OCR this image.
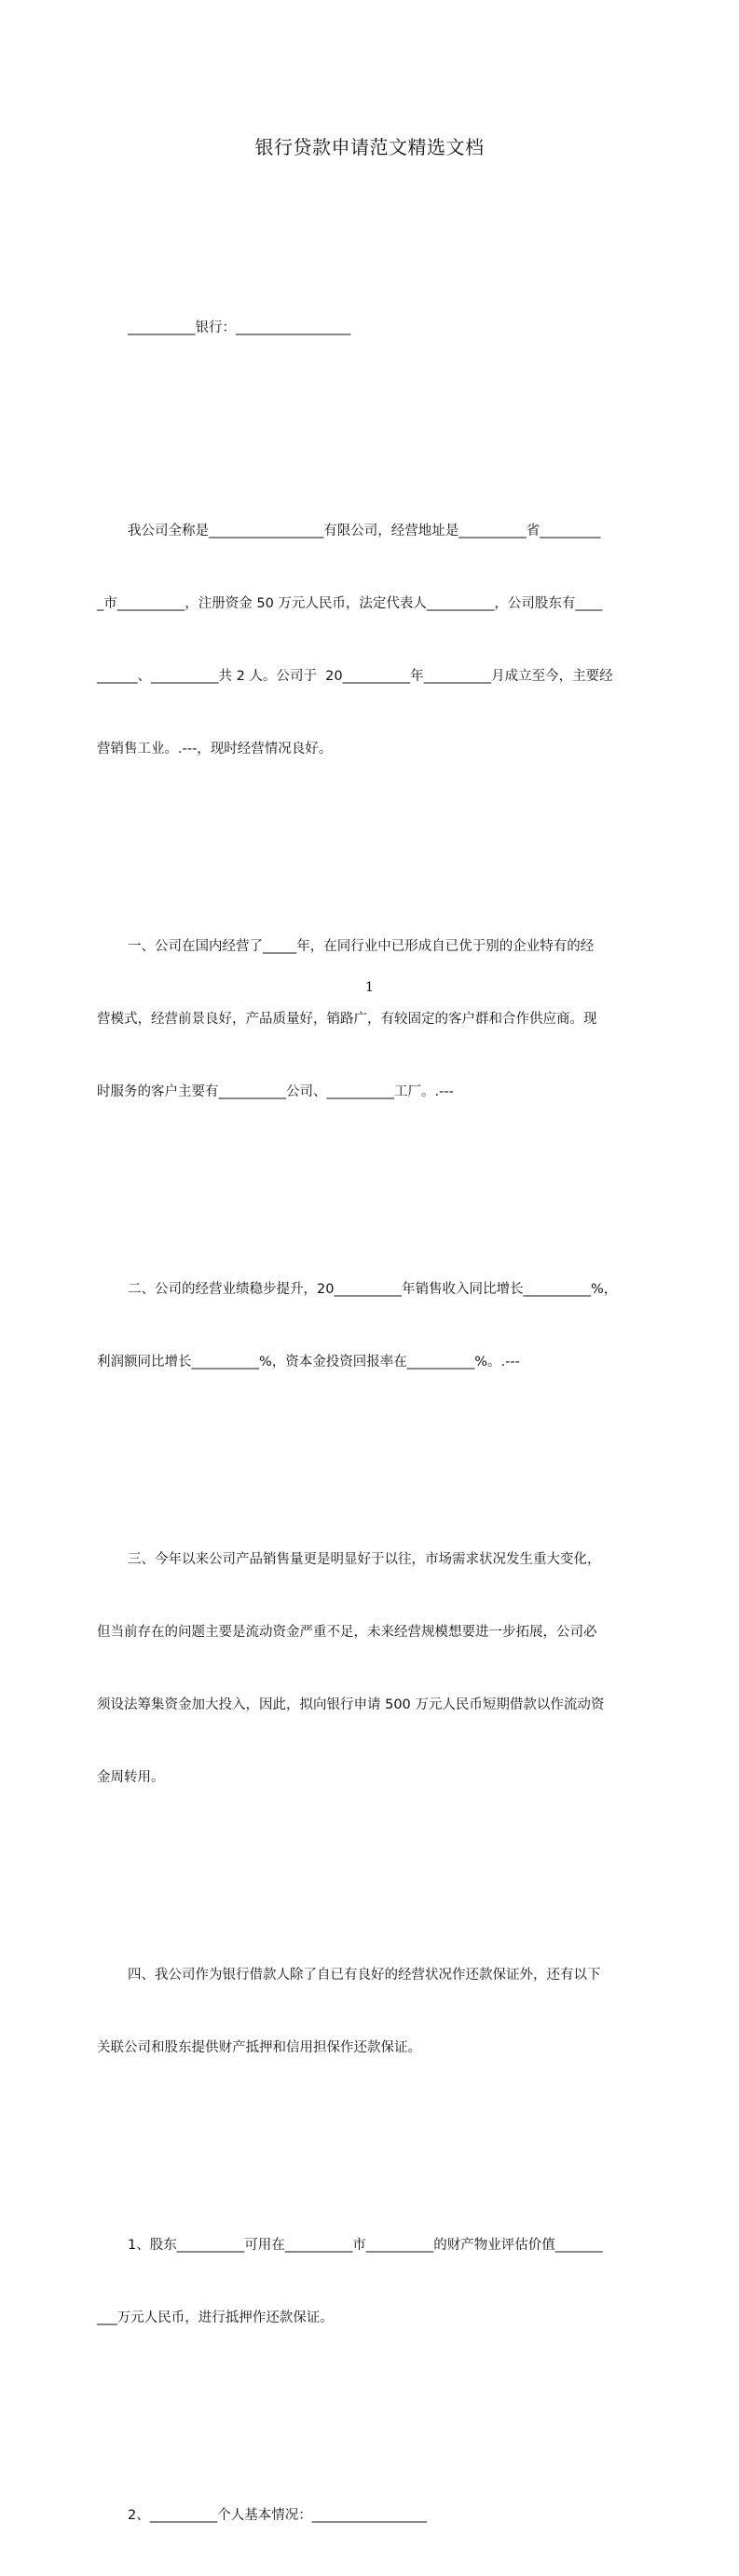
银行贷款申请范文精选文档

__________银行：_________________

我公司全称是_________________有限公司，经营地址是__________省_________

_市__________，注册资金 50 万元人民币，法定代表人__________，公司股东有____

______、__________共 2 人。公司于  20__________年__________月成立至今，主要经

营销售工业。.---，现时经营情况良好。

一、公司在国内经营了_____年，在同行业中已形成自已优于别的企业特有的经

营模式，经营前景良好，产品质量好，销路广，有较固定的客户群和合作供应商。现

时服务的客户主要有__________公司、__________工厂。.---

二、公司的经营业绩稳步提升，20__________年销售收入同比增长__________%，

利润额同比增长__________%，资本金投资回报率在__________%。.---

三、今年以来公司产品销售量更是明显好于以往，市场需求状况发生重大变化，

但当前存在的问题主要是流动资金严重不足，未来经营规模想要进一步拓展，公司必

须设法筹集资金加大投入，因此，拟向银行申请 500 万元人民币短期借款以作流动资

金周转用。

四、我公司作为银行借款人除了自已有良好的经营状况作还款保证外，还有以下

关联公司和股东提供财产抵押和信用担保作还款保证。

1、股东__________可用在__________市__________的财产物业评估价值_______

___万元人民币，进行抵押作还款保证。

2、__________个人基本情况：_________________

1
